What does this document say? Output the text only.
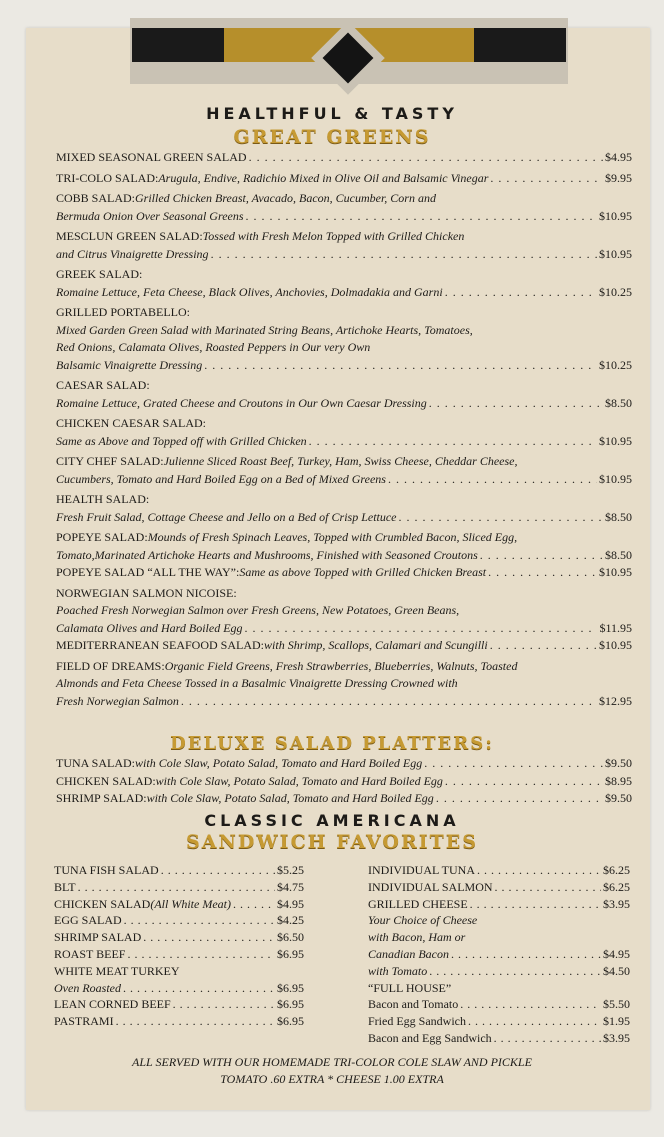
HEALTHFUL & TASTY
GREAT GREENS
MIXED SEASONAL GREEN SALAD . . .	$4.95
TRI-COLO SALAD: Arugula, Endive, Radichio Mixed in Olive Oil and Balsamic Vinegar . . .	$9.95
COBB SALAD: Grilled Chicken Breast, Avacado, Bacon, Cucumber, Corn and
Bermuda Onion Over Seasonal Greens . . .	$10.95
MESCLUN GREEN SALAD: Tossed with Fresh Melon Topped with Grilled Chicken
and Citrus Vinaigrette Dressing . . .	$10.95
GREEK SALAD:
Romaine Lettuce, Feta Cheese, Black Olives, Anchovies, Dolmadakia and Garni . . .	$10.25
GRILLED PORTABELLO:
Mixed Garden Green Salad with Marinated String Beans, Artichoke Hearts, Tomatoes,
Red Onions, Calamata Olives, Roasted Peppers in Our very Own
Balsamic Vinaigrette Dressing . . .	$10.25
CAESAR SALAD:
Romaine Lettuce, Grated Cheese and Croutons in Our Own Caesar Dressing . . .	$8.50
CHICKEN CAESAR SALAD:
Same as Above and Topped off with Grilled Chicken . . .	$10.95
CITY CHEF SALAD: Julienne Sliced Roast Beef, Turkey, Ham, Swiss Cheese, Cheddar Cheese,
Cucumbers, Tomato and Hard Boiled Egg on a Bed of Mixed Greens . . .	$10.95
HEALTH SALAD:
Fresh Fruit Salad, Cottage Cheese and Jello on a Bed of Crisp Lettuce . . .	$8.50
POPEYE SALAD: Mounds of Fresh Spinach Leaves, Topped with Crumbled Bacon, Sliced Egg,
Tomato,Marinated Artichoke Hearts and Mushrooms, Finished with Seasoned Croutons . . .	$8.50
POPEYE SALAD “ALL THE WAY”: Same as above Topped with Grilled Chicken Breast . . .	$10.95
NORWEGIAN SALMON NICOISE:
Poached Fresh Norwegian Salmon over Fresh Greens, New Potatoes, Green Beans,
Calamata Olives and Hard Boiled Egg . . .	$11.95
MEDITERRANEAN SEAFOOD SALAD: with Shrimp, Scallops, Calamari and Scungilli . . .	$10.95
FIELD OF DREAMS: Organic Field Greens, Fresh Strawberries, Blueberries, Walnuts, Toasted
Almonds and Feta Cheese Tossed in a Basalmic Vinaigrette Dressing Crowned with
Fresh Norwegian Salmon . . .	$12.95
DELUXE SALAD PLATTERS:
TUNA SALAD: with Cole Slaw, Potato Salad, Tomato and Hard Boiled Egg . . .	$9.50
CHICKEN SALAD: with Cole Slaw, Potato Salad, Tomato and Hard Boiled Egg . . .	$8.95
SHRIMP SALAD: with Cole Slaw, Potato Salad, Tomato and Hard Boiled Egg . . .	$9.50
CLASSIC AMERICANA
SANDWICH FAVORITES
TUNA FISH SALAD . . .	$5.25
BLT . . .	$4.75
CHICKEN SALAD (All White Meat) . . .	$4.95
EGG SALAD . . .	$4.25
SHRIMP SALAD . . .	$6.50
ROAST BEEF . . .	$6.95
WHITE MEAT TURKEY
Oven Roasted . . .	$6.95
LEAN CORNED BEEF . . .	$6.95
PASTRAMI . . .	$6.95
INDIVIDUAL TUNA . . .	$6.25
INDIVIDUAL SALMON . . .	$6.25
GRILLED CHEESE . . .	$3.95
Your Choice of Cheese
with Bacon, Ham or
Canadian Bacon . . .	$4.95
with Tomato . . .	$4.50
“FULL HOUSE”
Bacon and Tomato . . .	$5.50
Fried Egg Sandwich . . .	$1.95
Bacon and Egg Sandwich . . .	$3.95
ALL SERVED WITH OUR HOMEMADE TRI-COLOR COLE SLAW AND PICKLE
TOMATO .60 EXTRA * CHEESE 1.00 EXTRA
